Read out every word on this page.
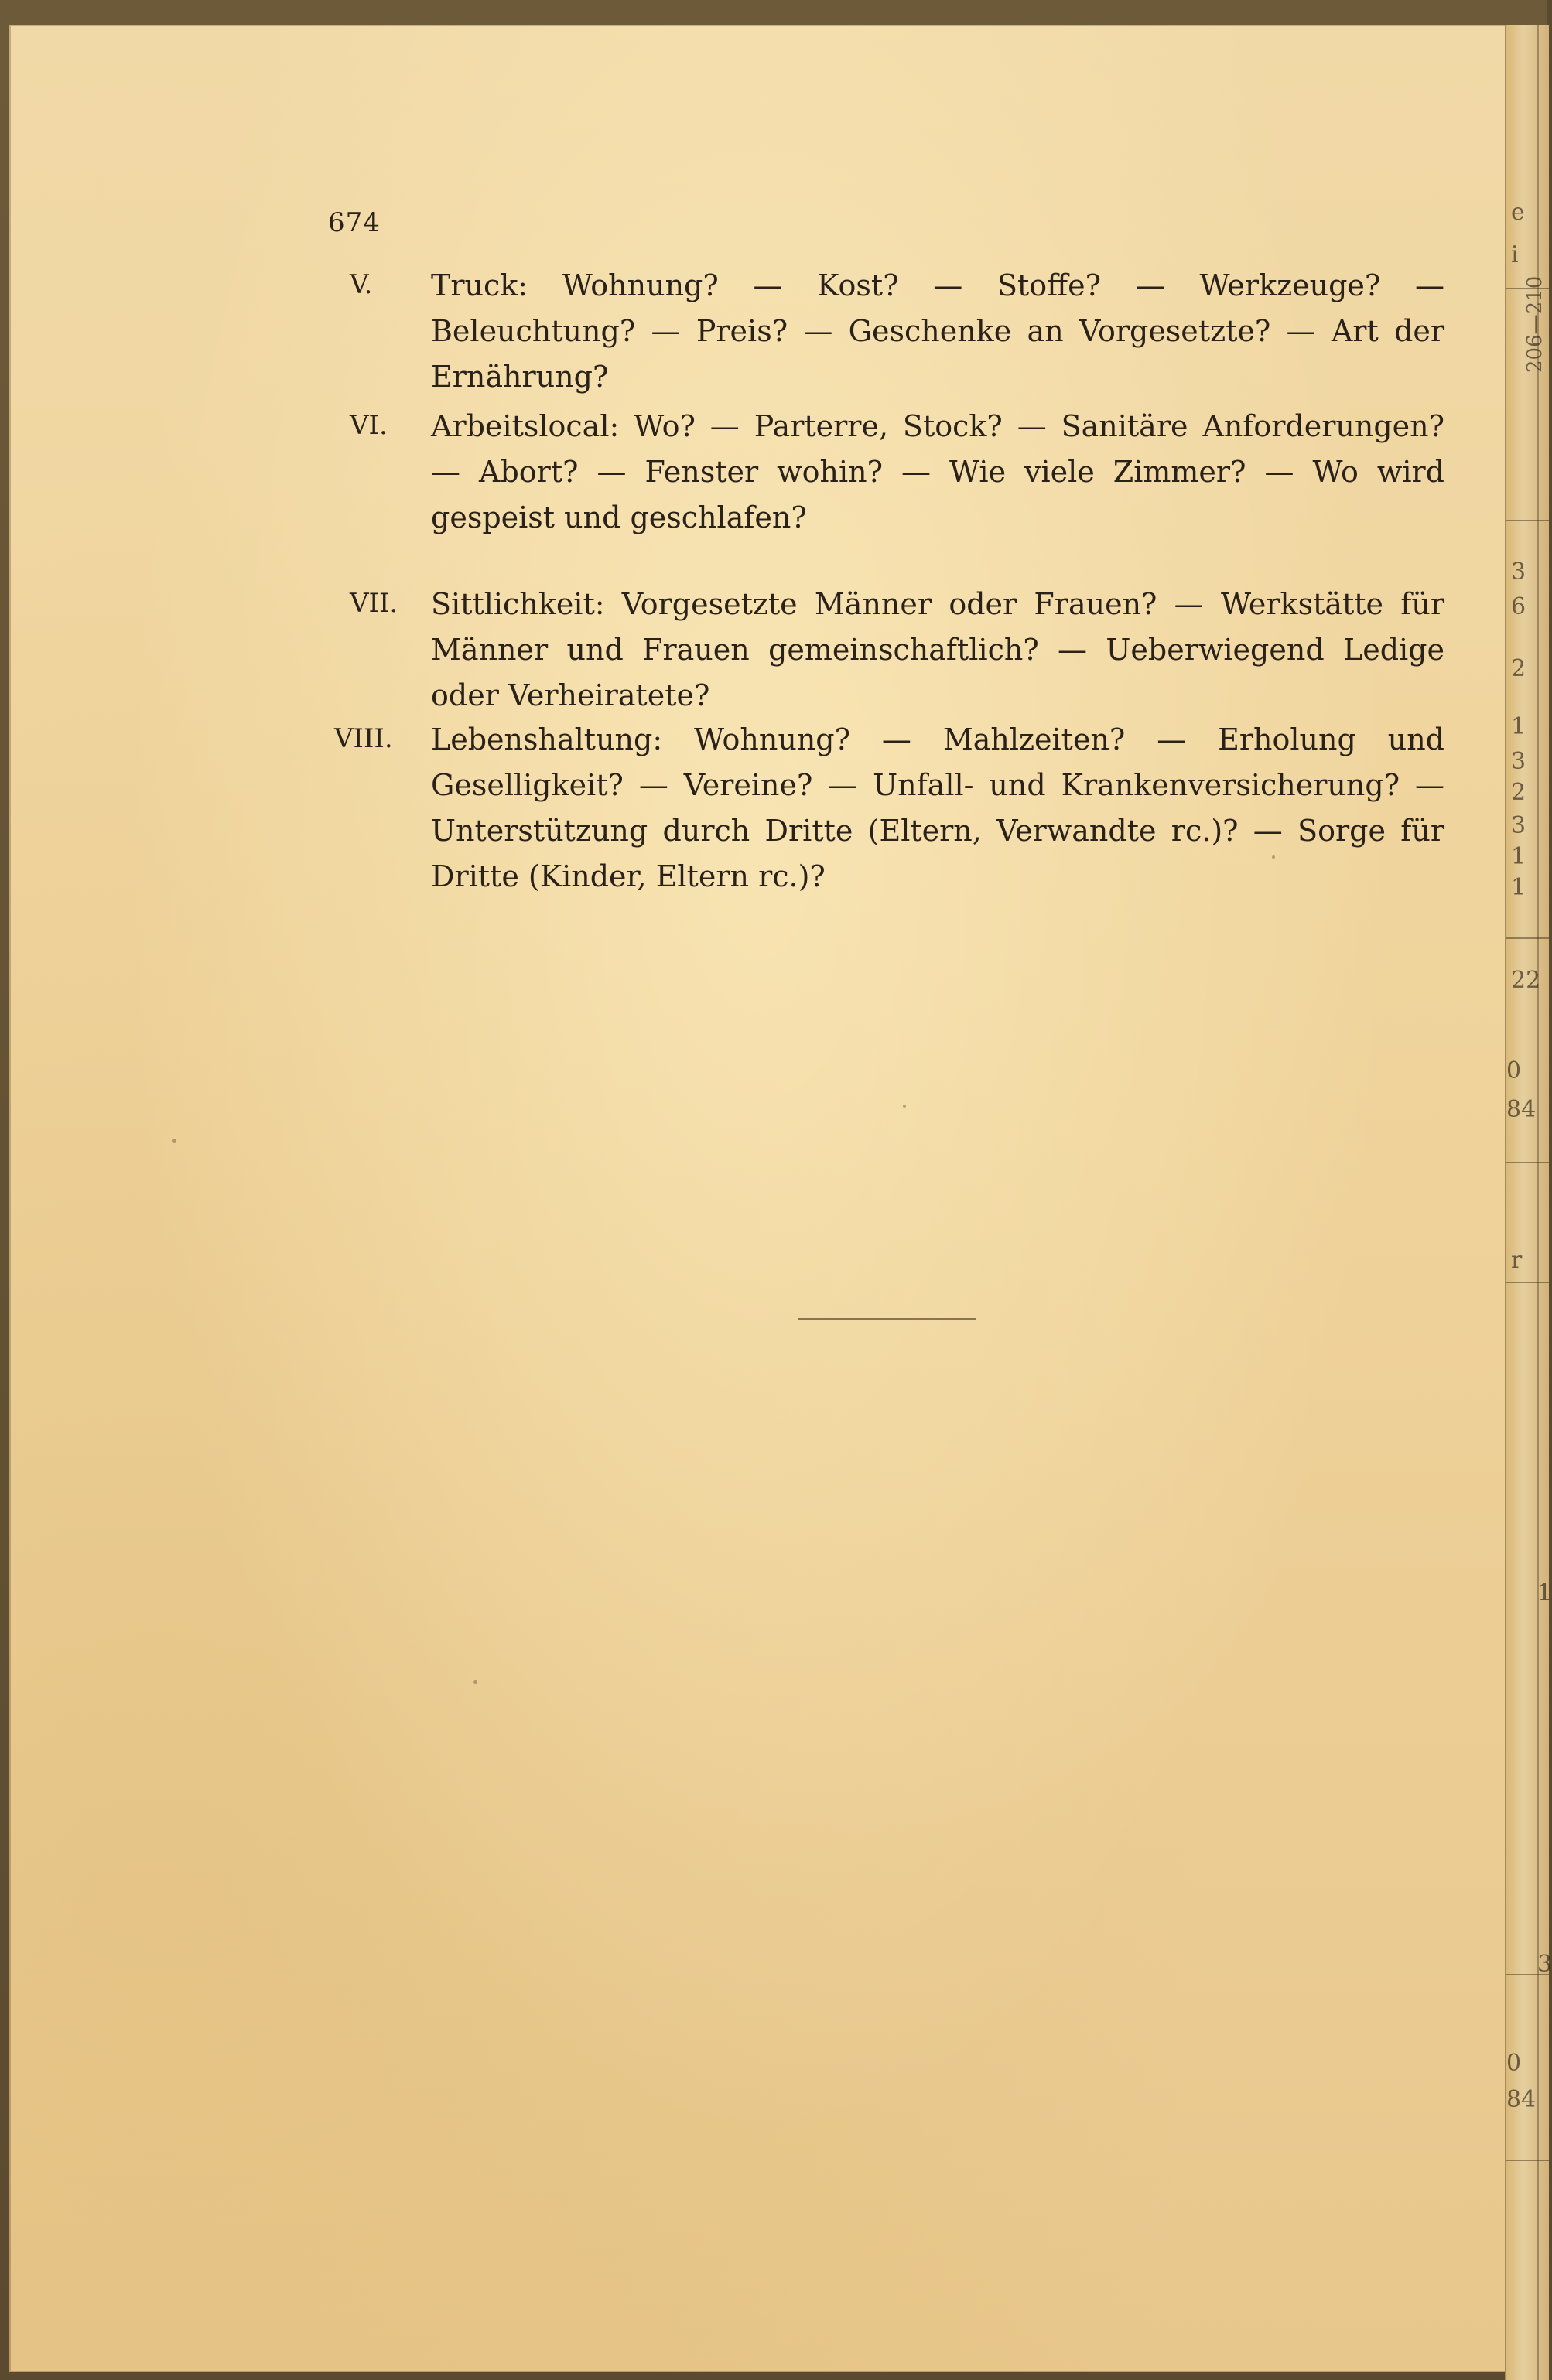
674
V. Truck: Wohnung? — Kost? — Stoffe? — Werkzeuge? — Beleuchtung? — Preis? — Geschenke an Vorgesetzte? — Art der Ernährung?
VI. Arbeitslocal: Wo? — Parterre, Stock? — Sanitäre Anforderungen? — Abort? — Fenster wohin? — Wie viele Zimmer? — Wo wird gespeist und geschlafen?
VII. Sittlichkeit: Vorgesetzte Männer oder Frauen? — Werkstätte für Männer und Frauen gemeinschaftlich? — Ueberwiegend Ledige oder Verheiratete?
VIII. Lebenshaltung: Wohnung? — Mahlzeiten? — Erholung und Geselligkeit? — Vereine? — Unfall- und Krankenversicherung? — Unterstützung durch Dritte (Eltern, Verwandte rc.)? — Sorge für Dritte (Kinder, Eltern rc.)?
e
i
206—210
3
6
2
1
3
2
3
1
1
22
0
84
r
1
3
0
84
